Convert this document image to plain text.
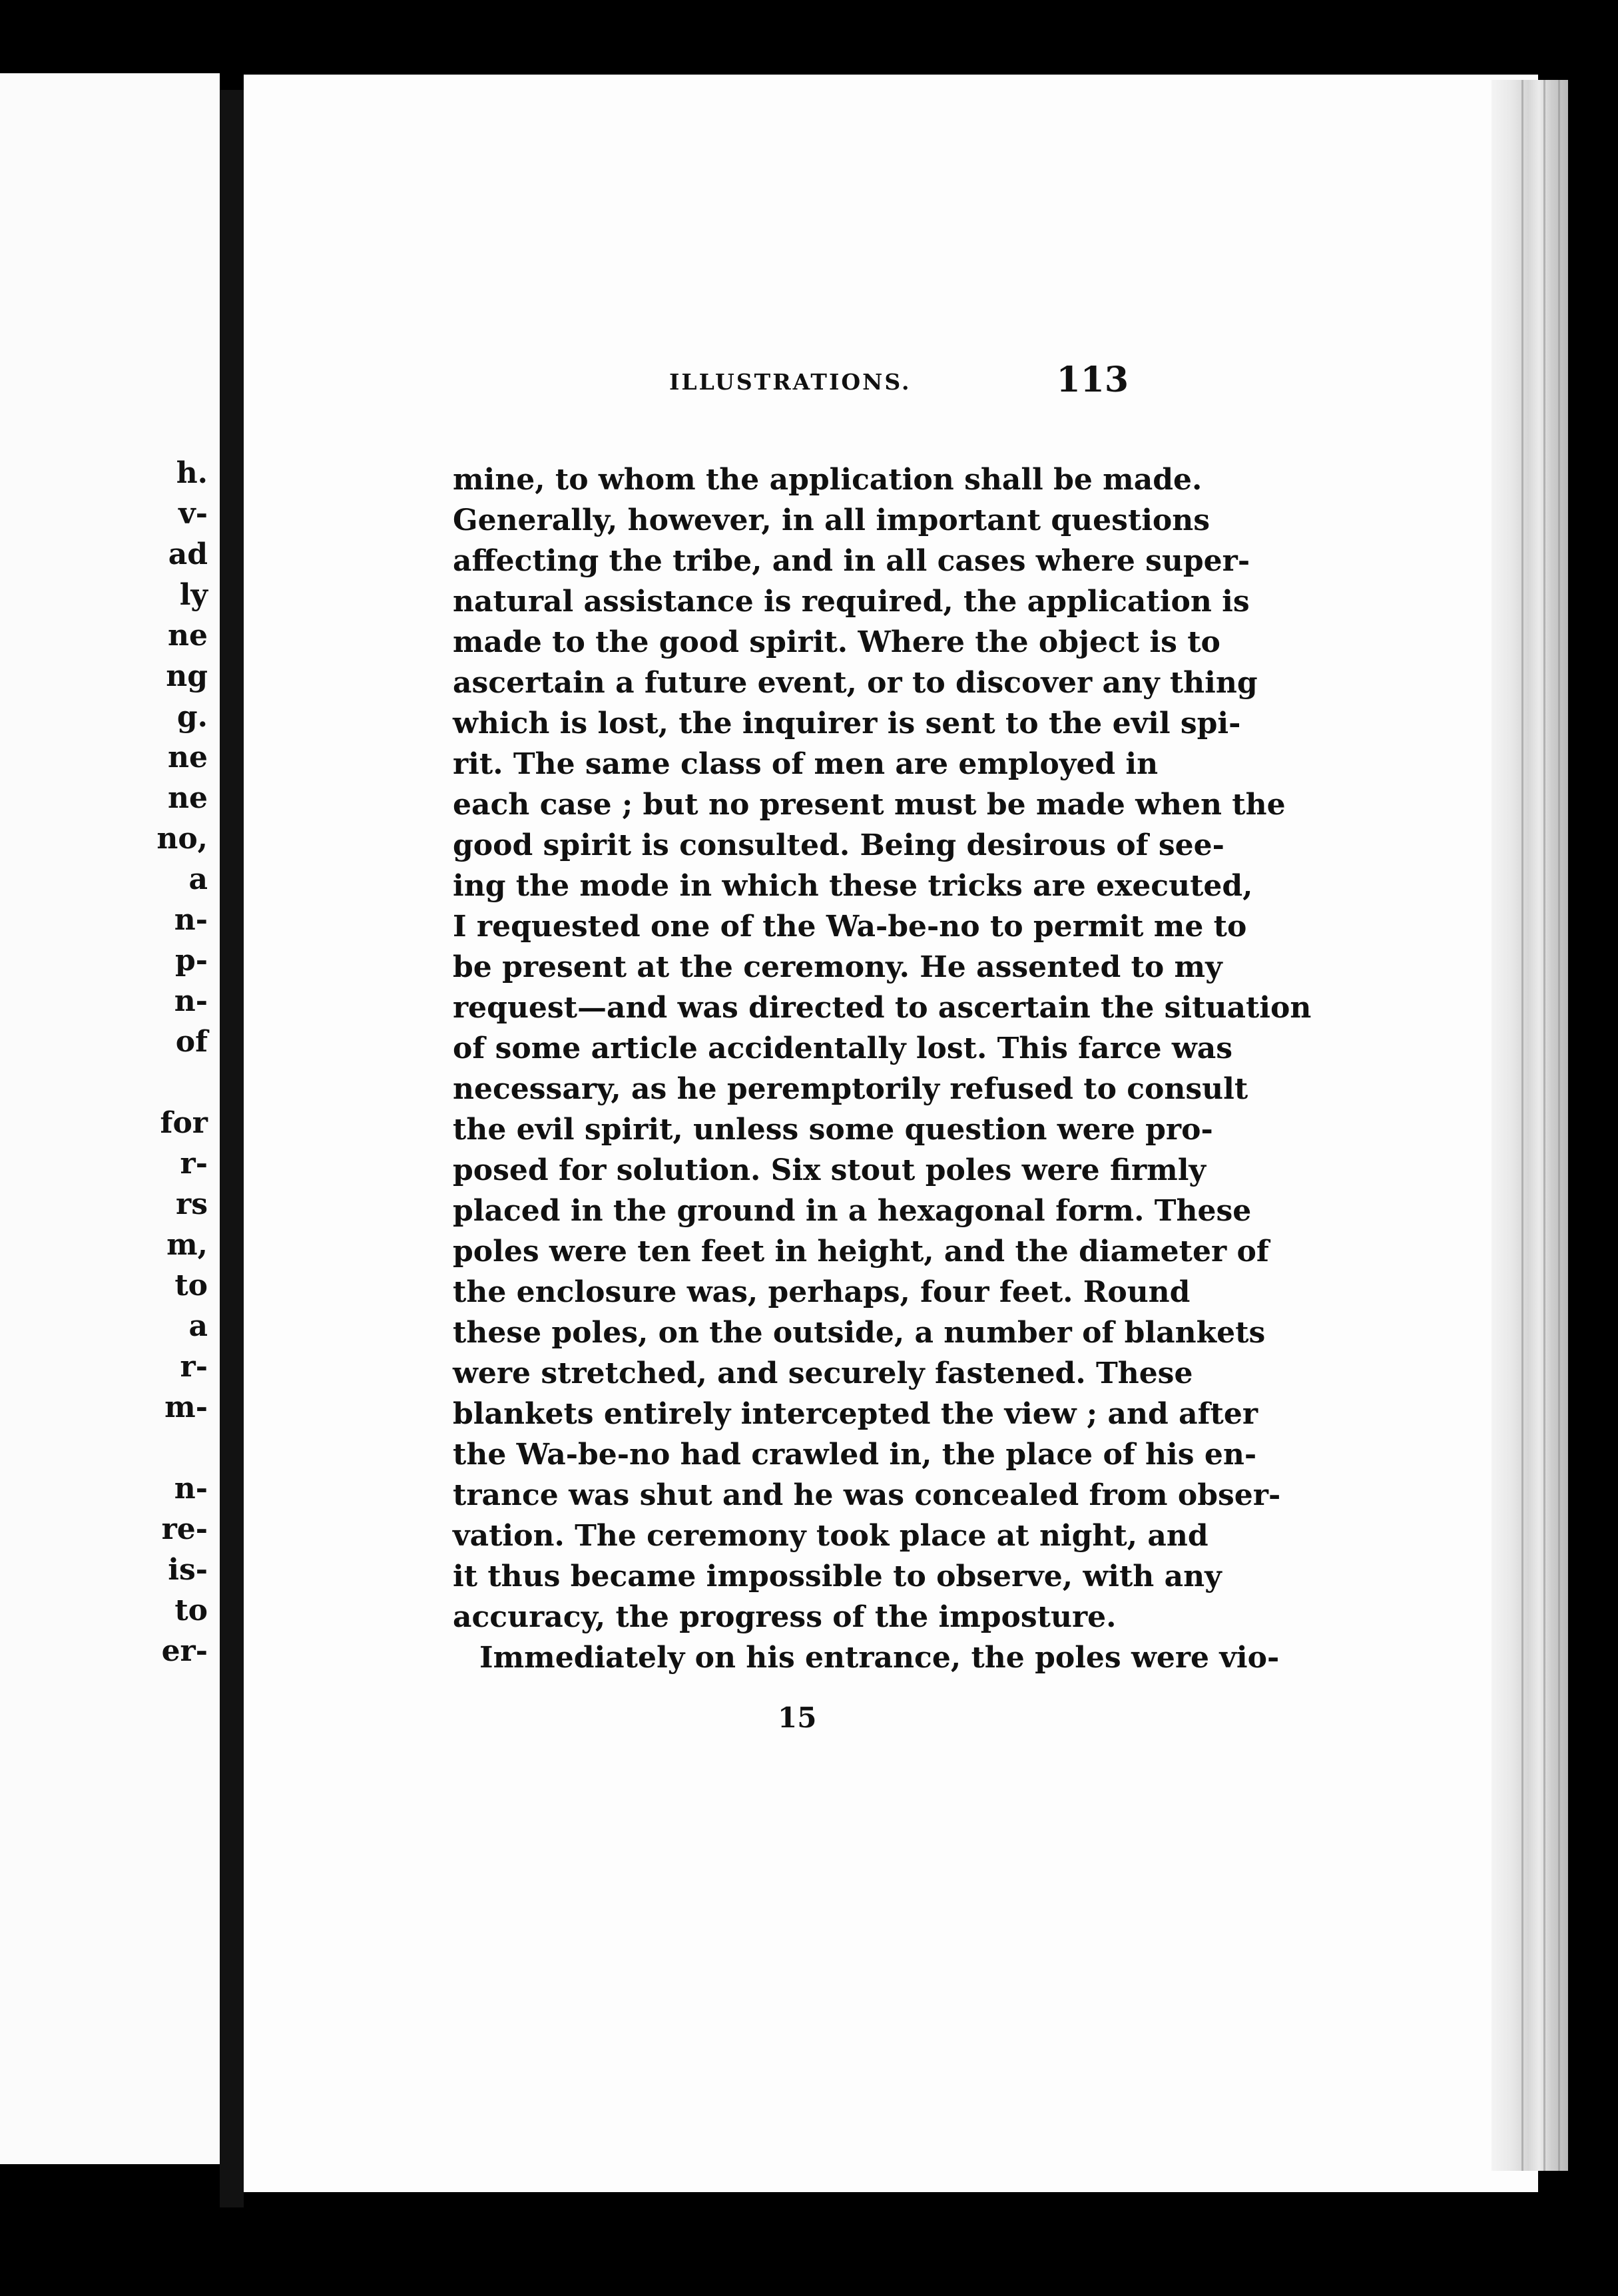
h.
v-
ad
ly
ne
ng
g.
ne
ne
no,
a
n-
p-
n-
of
for
r-
rs
m,
to
a
r-
m-
n-
re-
is-
to
er-
ILLUSTRATIONS.	113
mine, to whom the application shall be made.
Generally, however, in all important questions
affecting the tribe, and in all cases where super-
natural assistance is required, the application is
made to the good spirit. Where the object is to
ascertain a future event, or to discover any thing
which is lost, the inquirer is sent to the evil spi-
rit. The same class of men are employed in
each case ; but no present must be made when the
good spirit is consulted. Being desirous of see-
ing the mode in which these tricks are executed,
I requested one of the Wa-be-no to permit me to
be present at the ceremony. He assented to my
request—and was directed to ascertain the situation
of some article accidentally lost. This farce was
necessary, as he peremptorily refused to consult
the evil spirit, unless some question were pro-
posed for solution. Six stout poles were firmly
placed in the ground in a hexagonal form. These
poles were ten feet in height, and the diameter of
the enclosure was, perhaps, four feet. Round
these poles, on the outside, a number of blankets
were stretched, and securely fastened. These
blankets entirely intercepted the view ; and after
the Wa-be-no had crawled in, the place of his en-
trance was shut and he was concealed from obser-
vation. The ceremony took place at night, and
it thus became impossible to observe, with any
accuracy, the progress of the imposture.
Immediately on his entrance, the poles were vio-
15
